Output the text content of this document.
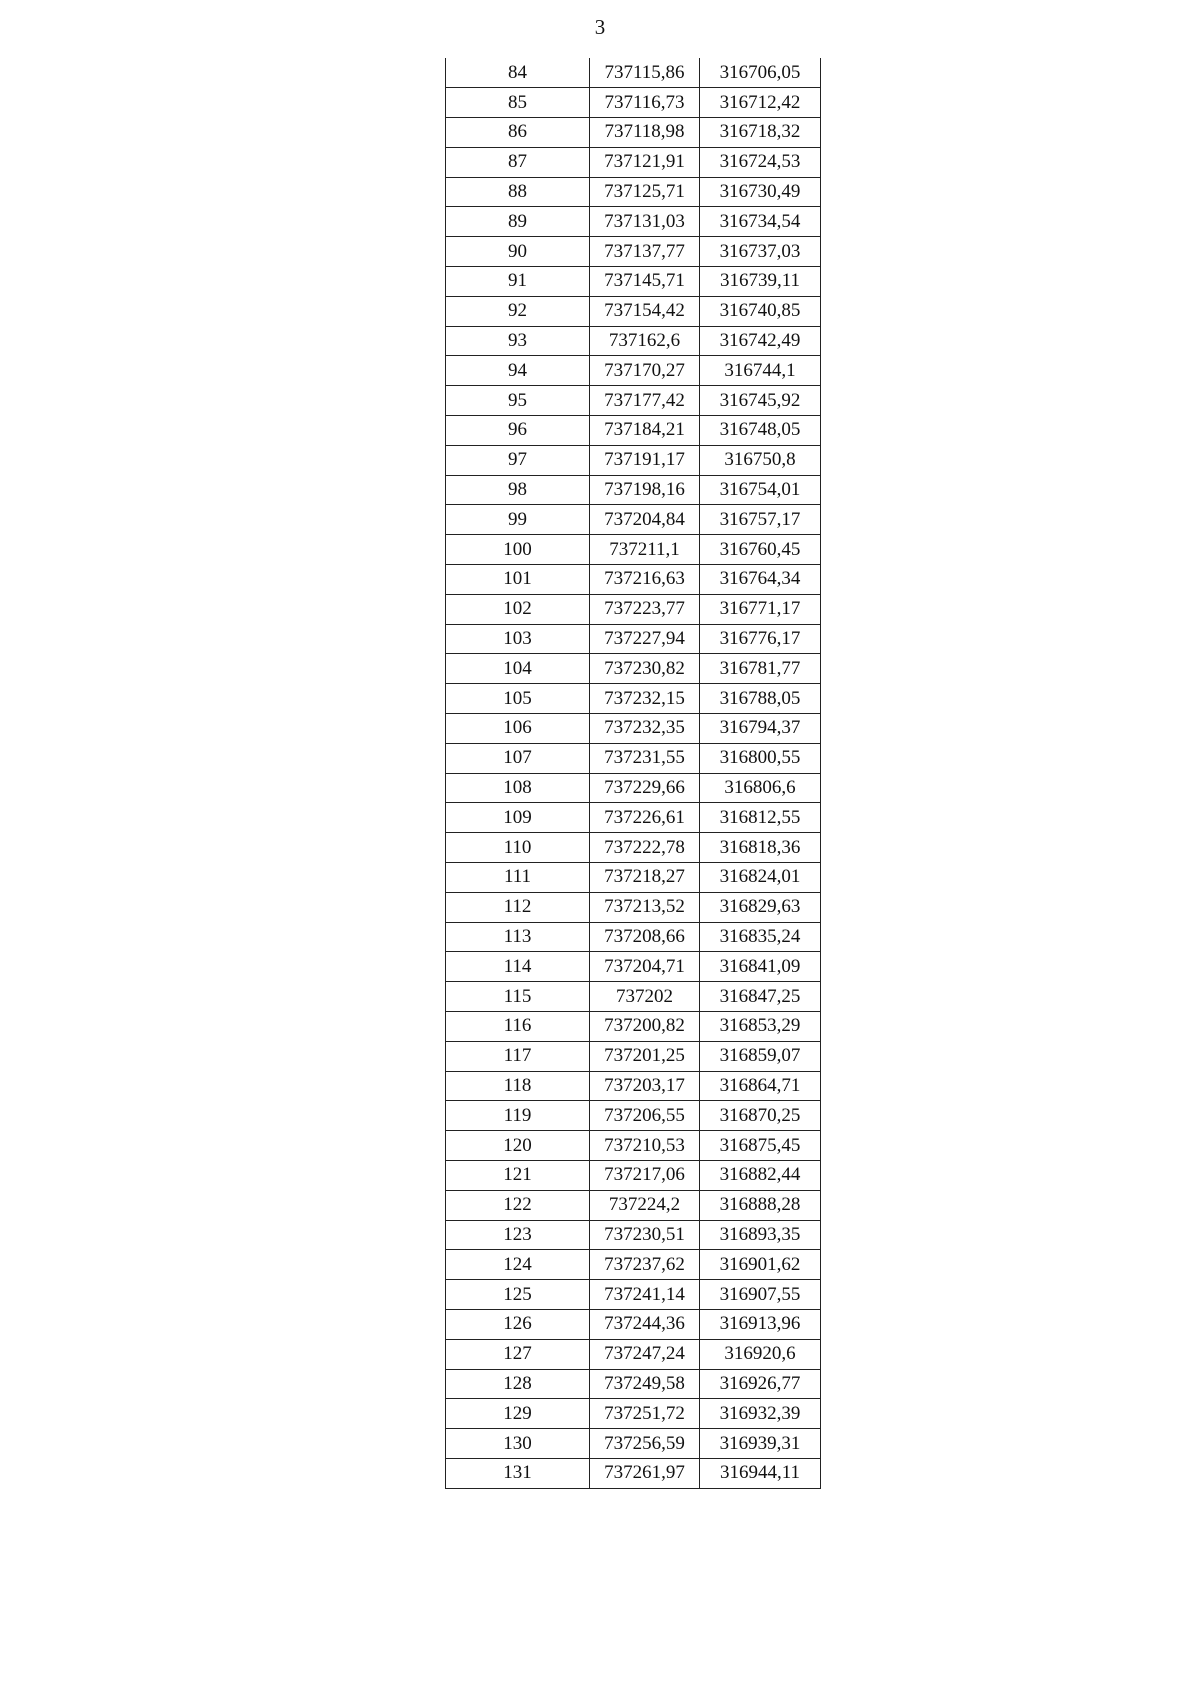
3
84	737115,86	316706,05
85	737116,73	316712,42
86	737118,98	316718,32
87	737121,91	316724,53
88	737125,71	316730,49
89	737131,03	316734,54
90	737137,77	316737,03
91	737145,71	316739,11
92	737154,42	316740,85
93	737162,6	316742,49
94	737170,27	316744,1
95	737177,42	316745,92
96	737184,21	316748,05
97	737191,17	316750,8
98	737198,16	316754,01
99	737204,84	316757,17
100	737211,1	316760,45
101	737216,63	316764,34
102	737223,77	316771,17
103	737227,94	316776,17
104	737230,82	316781,77
105	737232,15	316788,05
106	737232,35	316794,37
107	737231,55	316800,55
108	737229,66	316806,6
109	737226,61	316812,55
110	737222,78	316818,36
111	737218,27	316824,01
112	737213,52	316829,63
113	737208,66	316835,24
114	737204,71	316841,09
115	737202	316847,25
116	737200,82	316853,29
117	737201,25	316859,07
118	737203,17	316864,71
119	737206,55	316870,25
120	737210,53	316875,45
121	737217,06	316882,44
122	737224,2	316888,28
123	737230,51	316893,35
124	737237,62	316901,62
125	737241,14	316907,55
126	737244,36	316913,96
127	737247,24	316920,6
128	737249,58	316926,77
129	737251,72	316932,39
130	737256,59	316939,31
131	737261,97	316944,11
